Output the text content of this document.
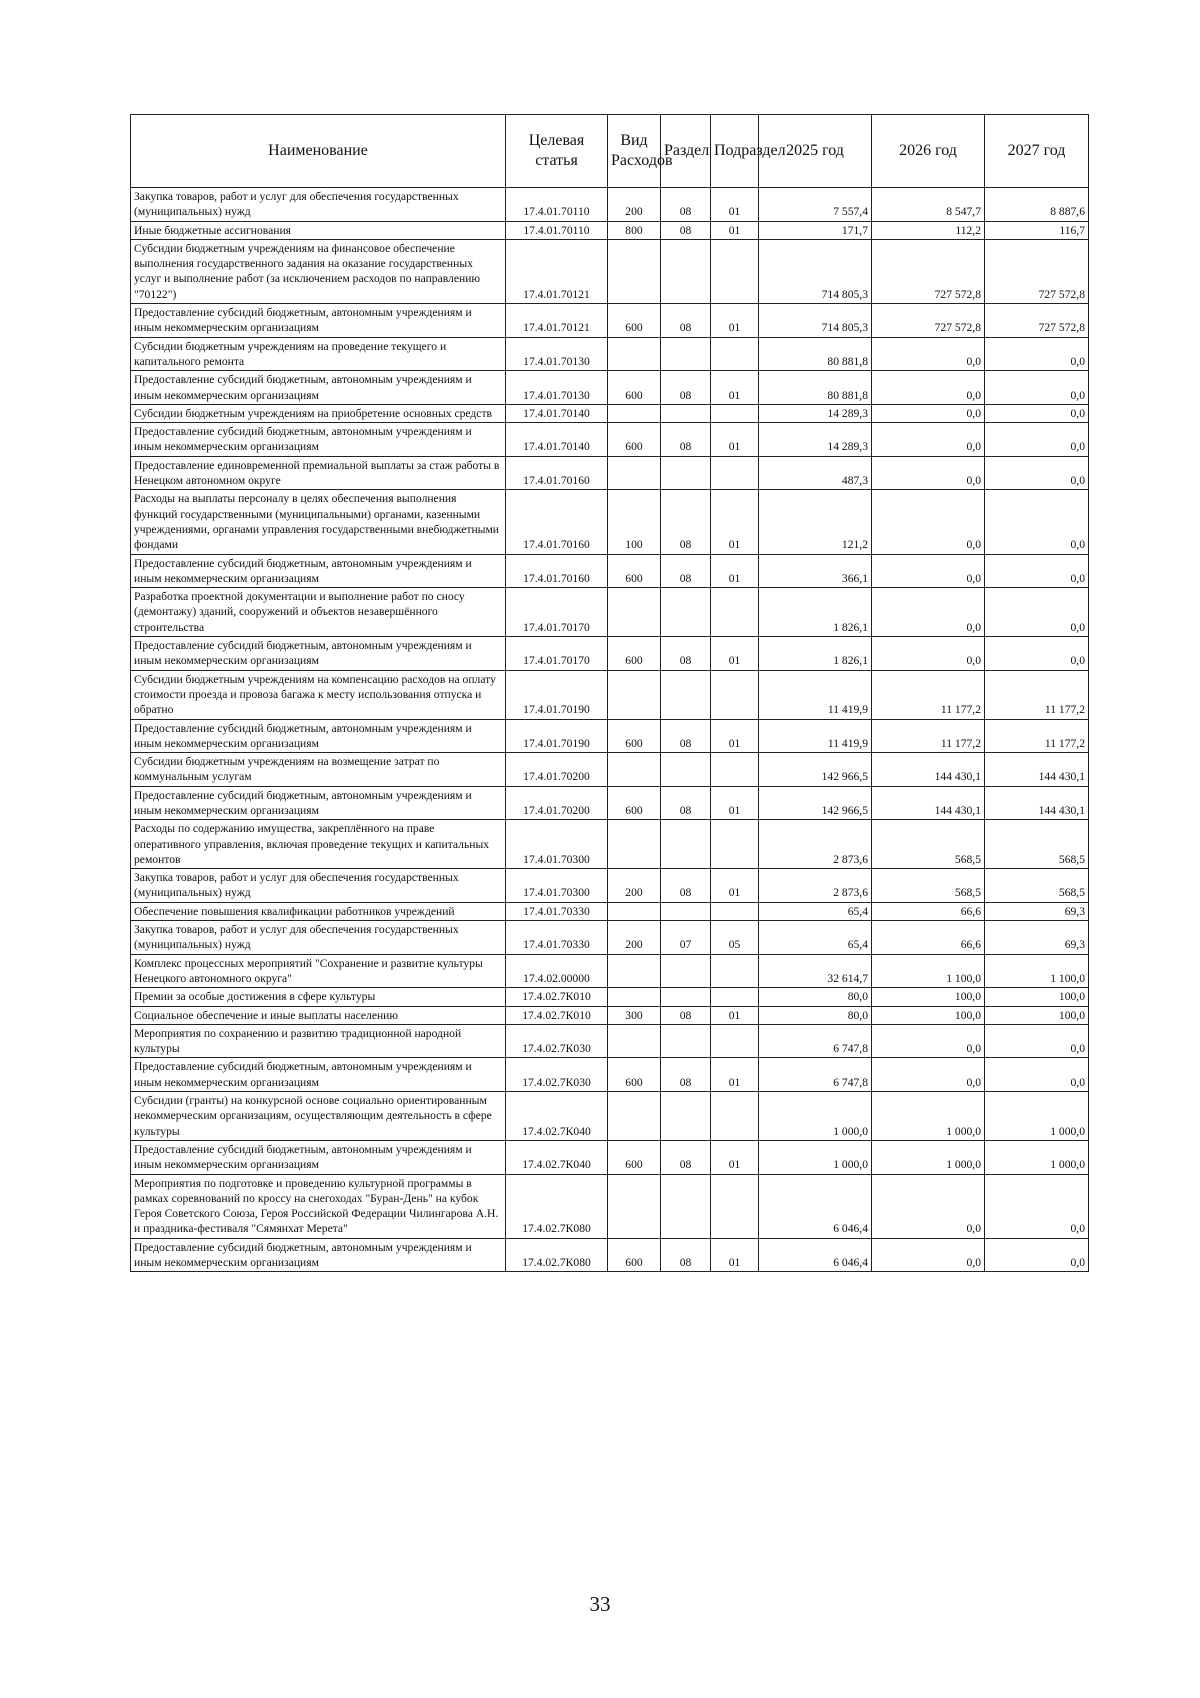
Наименование	Целевая статья	Вид Расходов	Раздел	Подраздел	2025 год	2026 год	2027 год
Закупка товаров, работ и услуг для обеспечения государственных (муниципальных) нужд	17.4.01.70110	200	08	01	7 557,4	8 547,7	8 887,6
Иные бюджетные ассигнования	17.4.01.70110	800	08	01	171,7	112,2	116,7
Субсидии бюджетным учреждениям на финансовое обеспечение выполнения государственного задания на оказание государственных услуг и выполнение работ (за исключением расходов по направлению "70122")	17.4.01.70121				714 805,3	727 572,8	727 572,8
Предоставление субсидий бюджетным, автономным учреждениям и иным некоммерческим организациям	17.4.01.70121	600	08	01	714 805,3	727 572,8	727 572,8
Субсидии бюджетным учреждениям на проведение текущего и капитального ремонта	17.4.01.70130				80 881,8	0,0	0,0
Предоставление субсидий бюджетным, автономным учреждениям и иным некоммерческим организациям	17.4.01.70130	600	08	01	80 881,8	0,0	0,0
Субсидии бюджетным учреждениям на приобретение основных средств	17.4.01.70140				14 289,3	0,0	0,0
Предоставление субсидий бюджетным, автономным учреждениям и иным некоммерческим организациям	17.4.01.70140	600	08	01	14 289,3	0,0	0,0
Предоставление единовременной премиальной выплаты за стаж работы в Ненецком автономном округе	17.4.01.70160				487,3	0,0	0,0
Расходы на выплаты персоналу в целях обеспечения выполнения функций государственными (муниципальными) органами, казенными учреждениями, органами управления государственными внебюджетными фондами	17.4.01.70160	100	08	01	121,2	0,0	0,0
Предоставление субсидий бюджетным, автономным учреждениям и иным некоммерческим организациям	17.4.01.70160	600	08	01	366,1	0,0	0,0
Разработка проектной документации и выполнение работ по сносу (демонтажу) зданий, сооружений и объектов незавершённого строительства	17.4.01.70170				1 826,1	0,0	0,0
Предоставление субсидий бюджетным, автономным учреждениям и иным некоммерческим организациям	17.4.01.70170	600	08	01	1 826,1	0,0	0,0
Субсидии бюджетным учреждениям на компенсацию расходов на оплату стоимости проезда и провоза багажа к месту использования отпуска и обратно	17.4.01.70190				11 419,9	11 177,2	11 177,2
Предоставление субсидий бюджетным, автономным учреждениям и иным некоммерческим организациям	17.4.01.70190	600	08	01	11 419,9	11 177,2	11 177,2
Субсидии бюджетным учреждениям на возмещение затрат по коммунальным услугам	17.4.01.70200				142 966,5	144 430,1	144 430,1
Предоставление субсидий бюджетным, автономным учреждениям и иным некоммерческим организациям	17.4.01.70200	600	08	01	142 966,5	144 430,1	144 430,1
Расходы по содержанию имущества, закреплённого на праве оперативного управления, включая проведение текущих и капитальных ремонтов	17.4.01.70300				2 873,6	568,5	568,5
Закупка товаров, работ и услуг для обеспечения государственных (муниципальных) нужд	17.4.01.70300	200	08	01	2 873,6	568,5	568,5
Обеспечение повышения квалификации работников учреждений	17.4.01.70330				65,4	66,6	69,3
Закупка товаров, работ и услуг для обеспечения государственных (муниципальных) нужд	17.4.01.70330	200	07	05	65,4	66,6	69,3
Комплекс процессных мероприятий "Сохранение и развитие культуры Ненецкого автономного округа"	17.4.02.00000				32 614,7	1 100,0	1 100,0
Премии за особые достижения в сфере культуры	17.4.02.7К010				80,0	100,0	100,0
Социальное обеспечение и иные выплаты населению	17.4.02.7К010	300	08	01	80,0	100,0	100,0
Мероприятия по сохранению и развитию традиционной народной культуры	17.4.02.7К030				6 747,8	0,0	0,0
Предоставление субсидий бюджетным, автономным учреждениям и иным некоммерческим организациям	17.4.02.7К030	600	08	01	6 747,8	0,0	0,0
Субсидии (гранты) на конкурсной основе социально ориентированным некоммерческим организациям, осуществляющим деятельность в сфере культуры	17.4.02.7К040				1 000,0	1 000,0	1 000,0
Предоставление субсидий бюджетным, автономным учреждениям и иным некоммерческим организациям	17.4.02.7К040	600	08	01	1 000,0	1 000,0	1 000,0
Мероприятия по подготовке и проведению культурной программы в рамках соревнований по кроссу на снегоходах "Буран-День" на кубок Героя Советского Союза, Героя Российской Федерации Чилингарова А.Н. и праздника-фестиваля "Сямянхат Мерета"	17.4.02.7К080				6 046,4	0,0	0,0
Предоставление субсидий бюджетным, автономным учреждениям и иным некоммерческим организациям	17.4.02.7К080	600	08	01	6 046,4	0,0	0,0
33
